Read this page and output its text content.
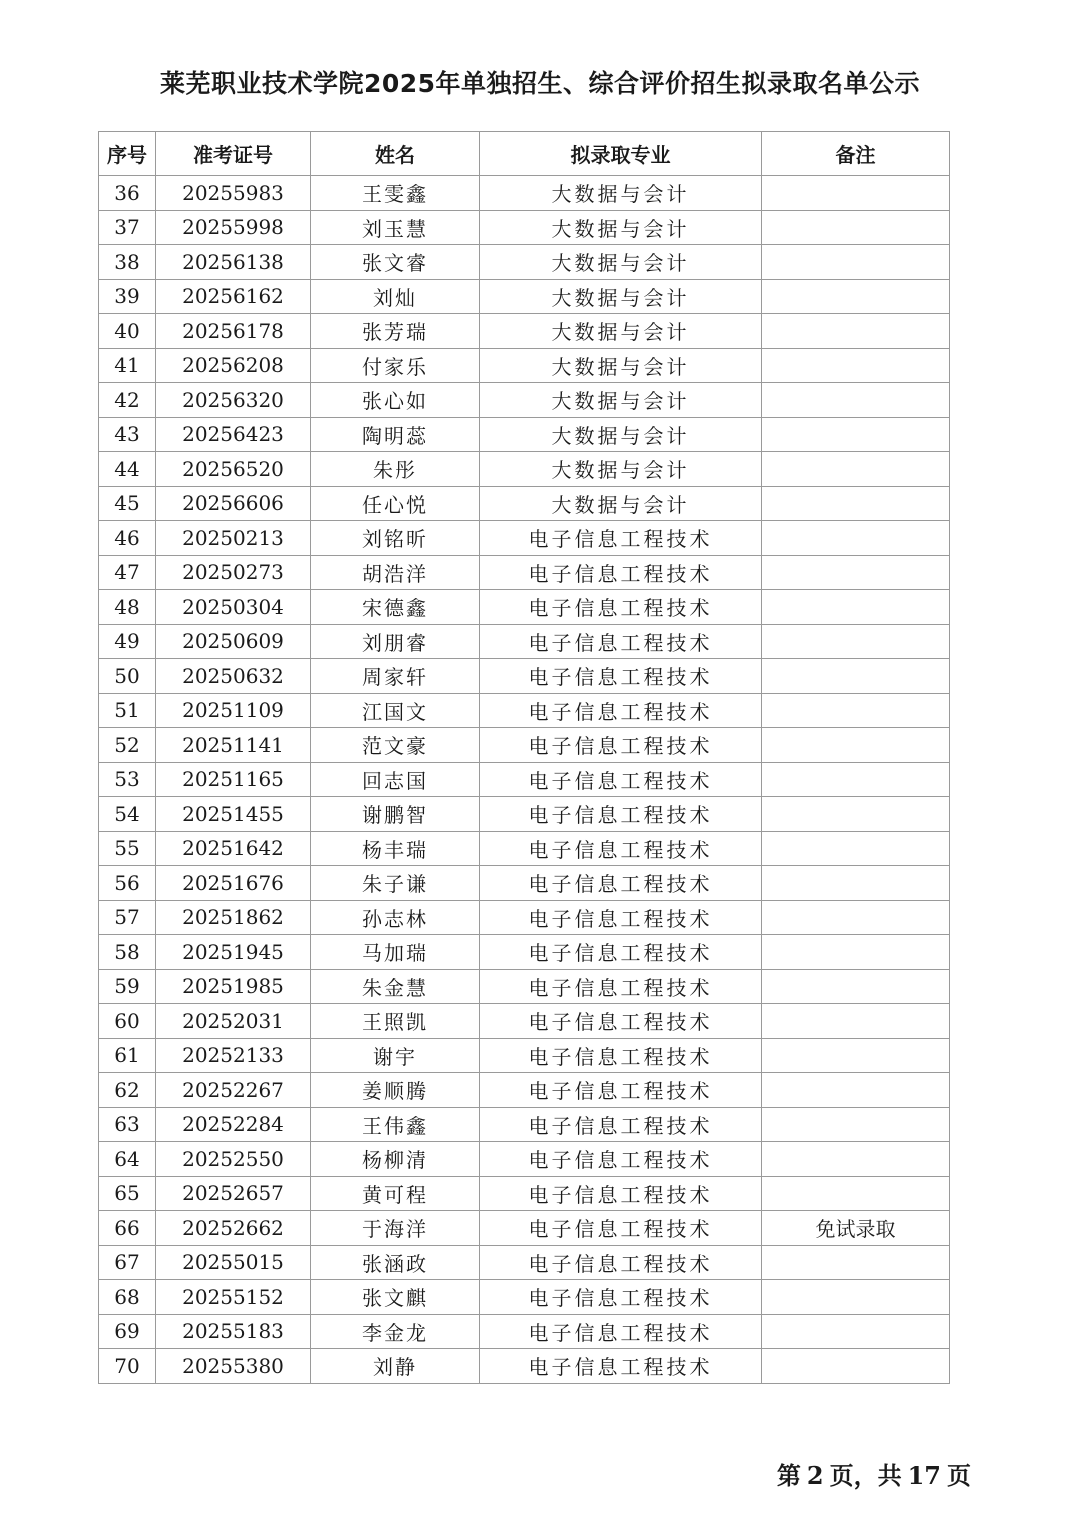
莱芜职业技术学院2025年单独招生、综合评价招生拟录取名单公示
序号	准考证号	姓名	拟录取专业	备注
36	20255983	王雯鑫	大数据与会计	
37	20255998	刘玉慧	大数据与会计	
38	20256138	张文睿	大数据与会计	
39	20256162	刘灿	大数据与会计	
40	20256178	张芳瑞	大数据与会计	
41	20256208	付家乐	大数据与会计	
42	20256320	张心如	大数据与会计	
43	20256423	陶明蕊	大数据与会计	
44	20256520	朱彤	大数据与会计	
45	20256606	任心悦	大数据与会计	
46	20250213	刘铭昕	电子信息工程技术	
47	20250273	胡浩洋	电子信息工程技术	
48	20250304	宋德鑫	电子信息工程技术	
49	20250609	刘朋睿	电子信息工程技术	
50	20250632	周家轩	电子信息工程技术	
51	20251109	江国文	电子信息工程技术	
52	20251141	范文豪	电子信息工程技术	
53	20251165	回志国	电子信息工程技术	
54	20251455	谢鹏智	电子信息工程技术	
55	20251642	杨丰瑞	电子信息工程技术	
56	20251676	朱子谦	电子信息工程技术	
57	20251862	孙志林	电子信息工程技术	
58	20251945	马加瑞	电子信息工程技术	
59	20251985	朱金慧	电子信息工程技术	
60	20252031	王照凯	电子信息工程技术	
61	20252133	谢宇	电子信息工程技术	
62	20252267	姜顺腾	电子信息工程技术	
63	20252284	王伟鑫	电子信息工程技术	
64	20252550	杨柳清	电子信息工程技术	
65	20252657	黄可程	电子信息工程技术	
66	20252662	于海洋	电子信息工程技术	免试录取
67	20255015	张涵政	电子信息工程技术	
68	20255152	张文麒	电子信息工程技术	
69	20255183	李金龙	电子信息工程技术	
70	20255380	刘静	电子信息工程技术	
第 2 页，共 17 页
